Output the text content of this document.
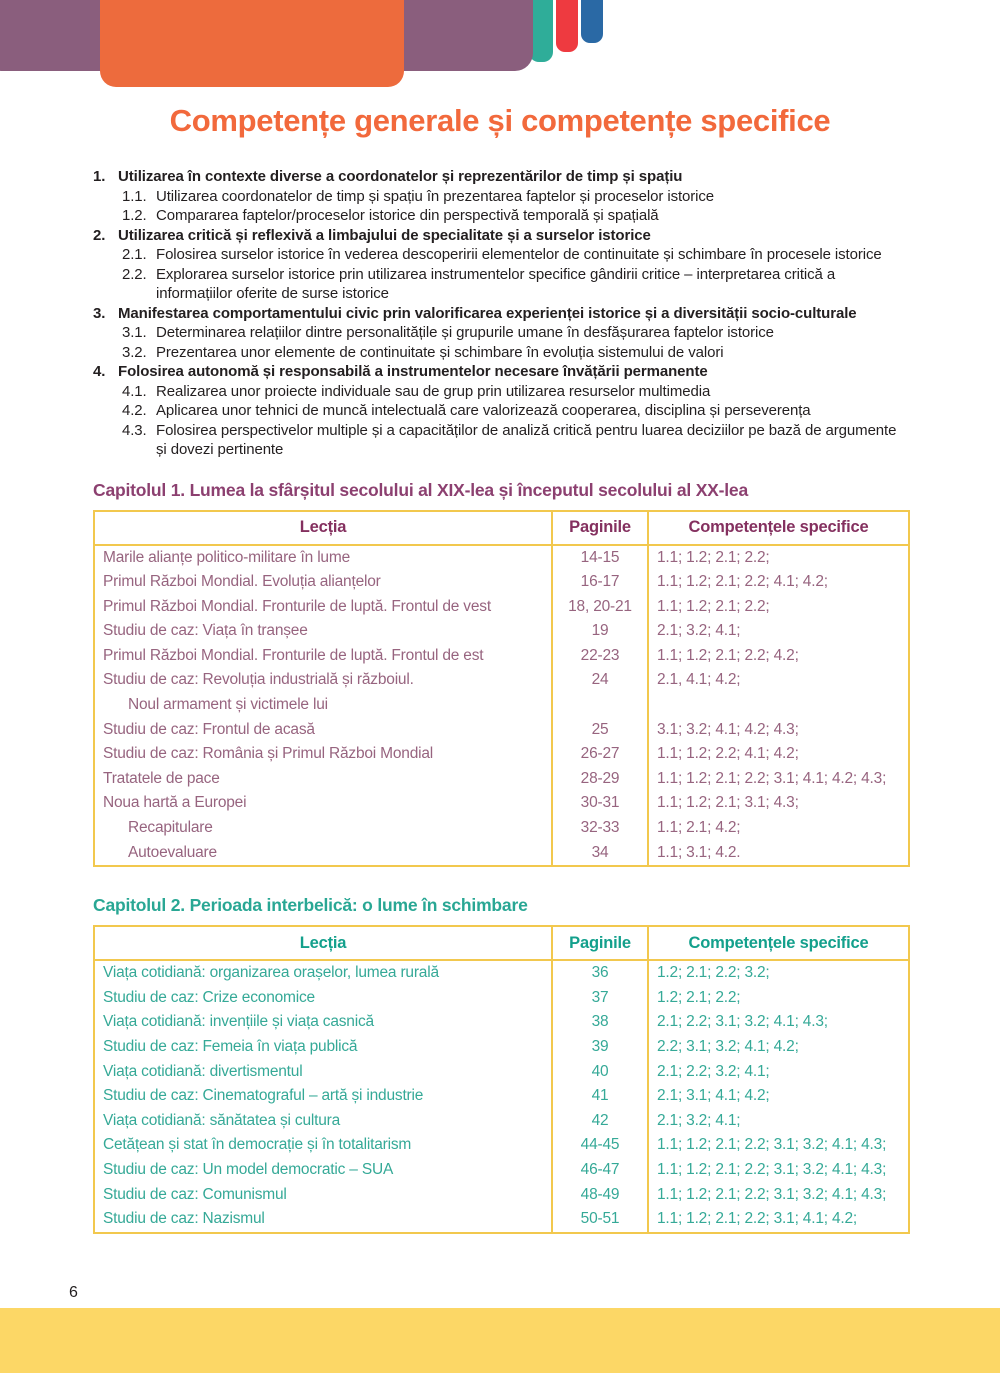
Competențe generale și competențe specifice
1. Utilizarea în contexte diverse a coordonatelor și reprezentărilor de timp și spațiu
1.1. Utilizarea coordonatelor de timp și spațiu în prezentarea faptelor și proceselor istorice
1.2. Compararea faptelor/proceselor istorice din perspectivă temporală și spațială
2. Utilizarea critică și reflexivă a limbajului de specialitate și a surselor istorice
2.1. Folosirea surselor istorice în vederea descoperirii elementelor de continuitate și schimbare în procesele istorice
2.2. Explorarea surselor istorice prin utilizarea instrumentelor specifice gândirii critice – interpretarea critică a informațiilor oferite de surse istorice
3. Manifestarea comportamentului civic prin valorificarea experienței istorice și a diversității socio-culturale
3.1. Determinarea relațiilor dintre personalitățile și grupurile umane în desfășurarea faptelor istorice
3.2. Prezentarea unor elemente de continuitate și schimbare în evoluția sistemului de valori
4. Folosirea autonomă și responsabilă a instrumentelor necesare învățării permanente
4.1. Realizarea unor proiecte individuale sau de grup prin utilizarea resurselor multimedia
4.2. Aplicarea unor tehnici de muncă intelectuală care valorizează cooperarea, disciplina și perseverența
4.3. Folosirea perspectivelor multiple și a capacităților de analiză critică pentru luarea deciziilor pe bază de argumente și dovezi pertinente
Capitolul 1. Lumea la sfârșitul secolului al XIX-lea și începutul secolului al XX-lea
Lecția	Paginile	Competențele specifice

Marile alianțe politico-militare în lume	14-15	1.1; 1.2; 2.1; 2.2;

Primul Război Mondial. Evoluția alianțelor	16-17	1.1; 1.2; 2.1; 2.2; 4.1; 4.2;

Primul Război Mondial. Fronturile de luptă. Frontul de vest	18, 20-21	1.1; 1.2; 2.1; 2.2;

Studiu de caz: Viața în tranșee	19	2.1; 3.2; 4.1;

Primul Război Mondial. Fronturile de luptă. Frontul de est	22-23	1.1; 1.2; 2.1; 2.2; 4.2;

Studiu de caz: Revoluția industrială și războiul.
Noul armament și victimele lui	24	2.1, 4.1; 4.2;

Studiu de caz: Frontul de acasă	25	3.1; 3.2; 4.1; 4.2; 4.3;

Studiu de caz: România și Primul Război Mondial	26-27	1.1; 1.2; 2.2; 4.1; 4.2;

Tratatele de pace	28-29	1.1; 1.2; 2.1; 2.2; 3.1; 4.1; 4.2; 4.3;

Noua hartă a Europei	30-31	1.1; 1.2; 2.1; 3.1; 4.3;

Recapitulare	32-33	1.1; 2.1; 4.2;

Autoevaluare	34	1.1; 3.1; 4.2.
Capitolul 2. Perioada interbelică: o lume în schimbare
Lecția	Paginile	Competențele specifice

Viața cotidiană: organizarea orașelor, lumea rurală	36	1.2; 2.1; 2.2; 3.2;

Studiu de caz: Crize economice	37	1.2; 2.1; 2.2;

Viața cotidiană: invențiile și viața casnică	38	2.1; 2.2; 3.1; 3.2; 4.1; 4.3;

Studiu de caz: Femeia în viața publică	39	2.2; 3.1; 3.2; 4.1; 4.2;

Viața cotidiană: divertismentul	40	2.1; 2.2; 3.2; 4.1;

Studiu de caz: Cinematograful – artă și industrie	41	2.1; 3.1; 4.1; 4.2;

Viața cotidiană: sănătatea și cultura	42	2.1; 3.2; 4.1;

Cetățean și stat în democrație și în totalitarism	44-45	1.1; 1.2; 2.1; 2.2; 3.1; 3.2; 4.1; 4.3;

Studiu de caz: Un model democratic – SUA	46-47	1.1; 1.2; 2.1; 2.2; 3.1; 3.2; 4.1; 4.3;

Studiu de caz: Comunismul	48-49	1.1; 1.2; 2.1; 2.2; 3.1; 3.2; 4.1; 4.3;

Studiu de caz: Nazismul	50-51	1.1; 1.2; 2.1; 2.2; 3.1; 4.1; 4.2;
6
